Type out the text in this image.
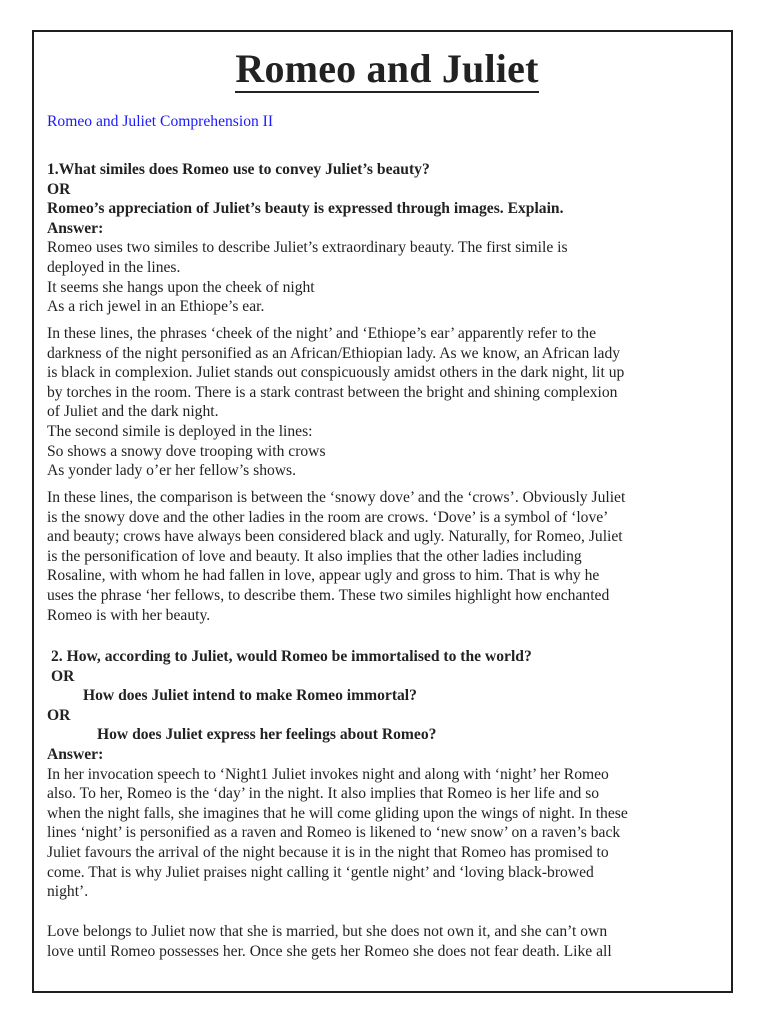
Romeo and Juliet
Romeo and Juliet Comprehension II

1.What similes does Romeo use to convey Juliet’s beauty?

OR

Romeo’s appreciation of Juliet’s beauty is expressed through images. Explain.

Answer:

Romeo uses two similes to describe Juliet’s extraordinary beauty. The first simile is

deployed in the lines.

It seems she hangs upon the cheek of night

As a rich jewel in an Ethiope’s ear.

In these lines, the phrases ‘cheek of the night’ and ‘Ethiope’s ear’ apparently refer to the

darkness of the night personified as an African/Ethiopian lady. As we know, an African lady

is black in complexion. Juliet stands out conspicuously amidst others in the dark night, lit up

by torches in the room. There is a stark contrast between the bright and shining complexion

of Juliet and the dark night.

The second simile is deployed in the lines:

So shows a snowy dove trooping with crows

As yonder lady o’er her fellow’s shows.

In these lines, the comparison is between the ‘snowy dove’ and the ‘crows’. Obviously Juliet

is the snowy dove and the other ladies in the room are crows. ‘Dove’ is a symbol of ‘love’

and beauty; crows have always been considered black and ugly. Naturally, for Romeo, Juliet

is the personification of love and beauty. It also implies that the other ladies including

Rosaline, with whom he had fallen in love, appear ugly and gross to him. That is why he

uses the phrase ‘her fellows, to describe them. These two similes highlight how enchanted

Romeo is with her beauty.

2. How, according to Juliet, would Romeo be immortalised to the world?

OR

How does Juliet intend to make Romeo immortal?

OR

How does Juliet express her feelings about Romeo?

Answer:

In her invocation speech to ‘Night1 Juliet invokes night and along with ‘night’ her Romeo

also. To her, Romeo is the ‘day’ in the night. It also implies that Romeo is her life and so

when the night falls, she imagines that he will come gliding upon the wings of night. In these

lines ‘night’ is personified as a raven and Romeo is likened to ‘new snow’ on a raven’s back

Juliet favours the arrival of the night because it is in the night that Romeo has promised to

come. That is why Juliet praises night calling it ‘gentle night’ and ‘loving black-browed

night’.

Love belongs to Juliet now that she is married, but she does not own it, and she can’t own

love until Romeo possesses her. Once she gets her Romeo she does not fear death. Like all
